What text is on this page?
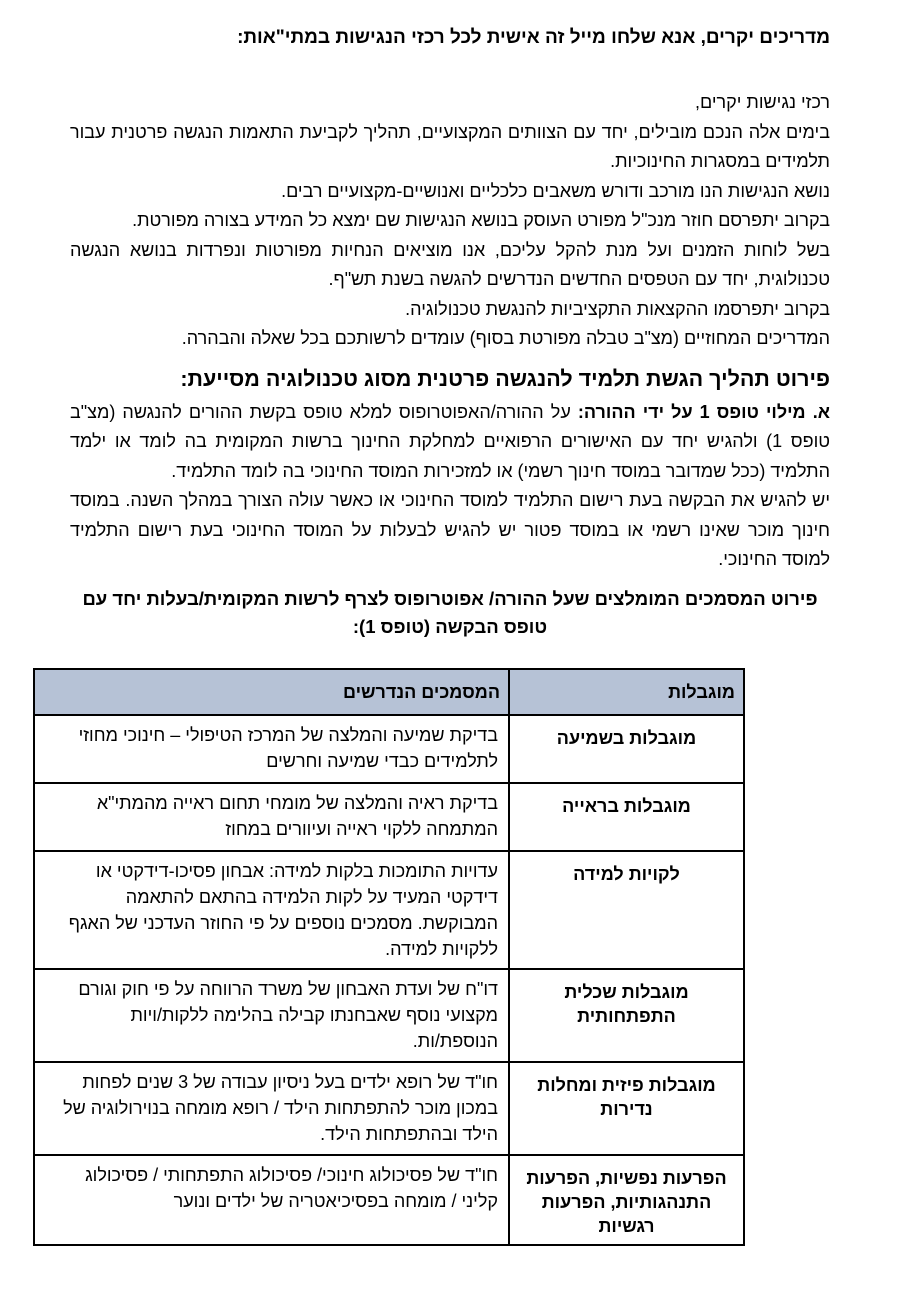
מדריכים יקרים, אנא שלחו מייל זה אישית לכל רכזי הנגישות במתי"אות:

רכזי נגישות יקרים,

בימים אלה הנכם מובילים, יחד עם הצוותים המקצועיים, תהליך לקביעת התאמות הנגשה פרטנית עבור תלמידים במסגרות החינוכיות.

נושא הנגישות הנו מורכב ודורש משאבים כלכליים ואנושיים-מקצועיים רבים.

בקרוב יתפרסם חוזר מנכ"ל מפורט העוסק בנושא הנגישות שם ימצא כל המידע בצורה מפורטת.

בשל לוחות הזמנים ועל מנת להקל עליכם, אנו מוציאים הנחיות מפורטות ונפרדות בנושא הנגשה טכנולוגית, יחד עם הטפסים החדשים הנדרשים להגשה בשנת תש"ף.

בקרוב יתפרסמו ההקצאות התקציביות להנגשת טכנולוגיה.

המדריכים המחוזיים (מצ"ב טבלה מפורטת בסוף) עומדים לרשותכם בכל שאלה והבהרה.

פירוט תהליך הגשת תלמיד להנגשה פרטנית מסוג טכנולוגיה מסייעת:

א. מילוי טופס 1 על ידי ההורה: על ההורה/האפוטרופוס למלא טופס בקשת ההורים להנגשה (מצ"ב טופס 1) ולהגיש יחד עם האישורים הרפואיים למחלקת החינוך ברשות המקומית בה לומד או ילמד התלמיד (ככל שמדובר במוסד חינוך רשמי) או למזכירות המוסד החינוכי בה לומד התלמיד.

יש להגיש את הבקשה בעת רישום התלמיד למוסד החינוכי או כאשר עולה הצורך במהלך השנה. במוסד חינוך מוכר שאינו רשמי או במוסד פטור יש להגיש לבעלות על המוסד החינוכי בעת רישום התלמיד למוסד החינוכי.

פירוט המסמכים המומלצים שעל ההורה/ אפוטרופוס לצרף לרשות המקומית/בעלות יחד עם טופס הבקשה (טופס 1):

מוגבלות	המסמכים הנדרשים
מוגבלות בשמיעה	בדיקת שמיעה והמלצה של המרכז הטיפולי – חינוכי מחוזי לתלמידים כבדי שמיעה וחרשים
מוגבלות בראייה	בדיקת ראיה והמלצה של מומחי תחום ראייה מהמתי"א המתמחה ללקוי ראייה ועיוורים במחוז
לקויות למידה	עדויות התומכות בלקות למידה: אבחון פסיכו-דידקטי או דידקטי המעיד על לקות הלמידה בהתאם להתאמה המבוקשת. מסמכים נוספים על פי החוזר העדכני של האגף ללקויות למידה.
מוגבלות שכלית התפתחותית	דו"ח של ועדת האבחון של משרד הרווחה על פי חוק וגורם מקצועי נוסף שאבחנתו קבילה בהלימה ללקות/ויות הנוספת/ות.
מוגבלות פיזית ומחלות נדירות	חו"ד של רופא ילדים בעל ניסיון עבודה של 3 שנים לפחות במכון מוכר להתפתחות הילד / רופא מומחה בנוירולוגיה של הילד ובהתפתחות הילד.
הפרעות נפשיות, הפרעות התנהגותיות, הפרעות רגשיות	חו"ד של פסיכולוג חינוכי/ פסיכולוג התפתחותי / פסיכולוג קליני / מומחה בפסיכיאטריה של ילדים ונוער
